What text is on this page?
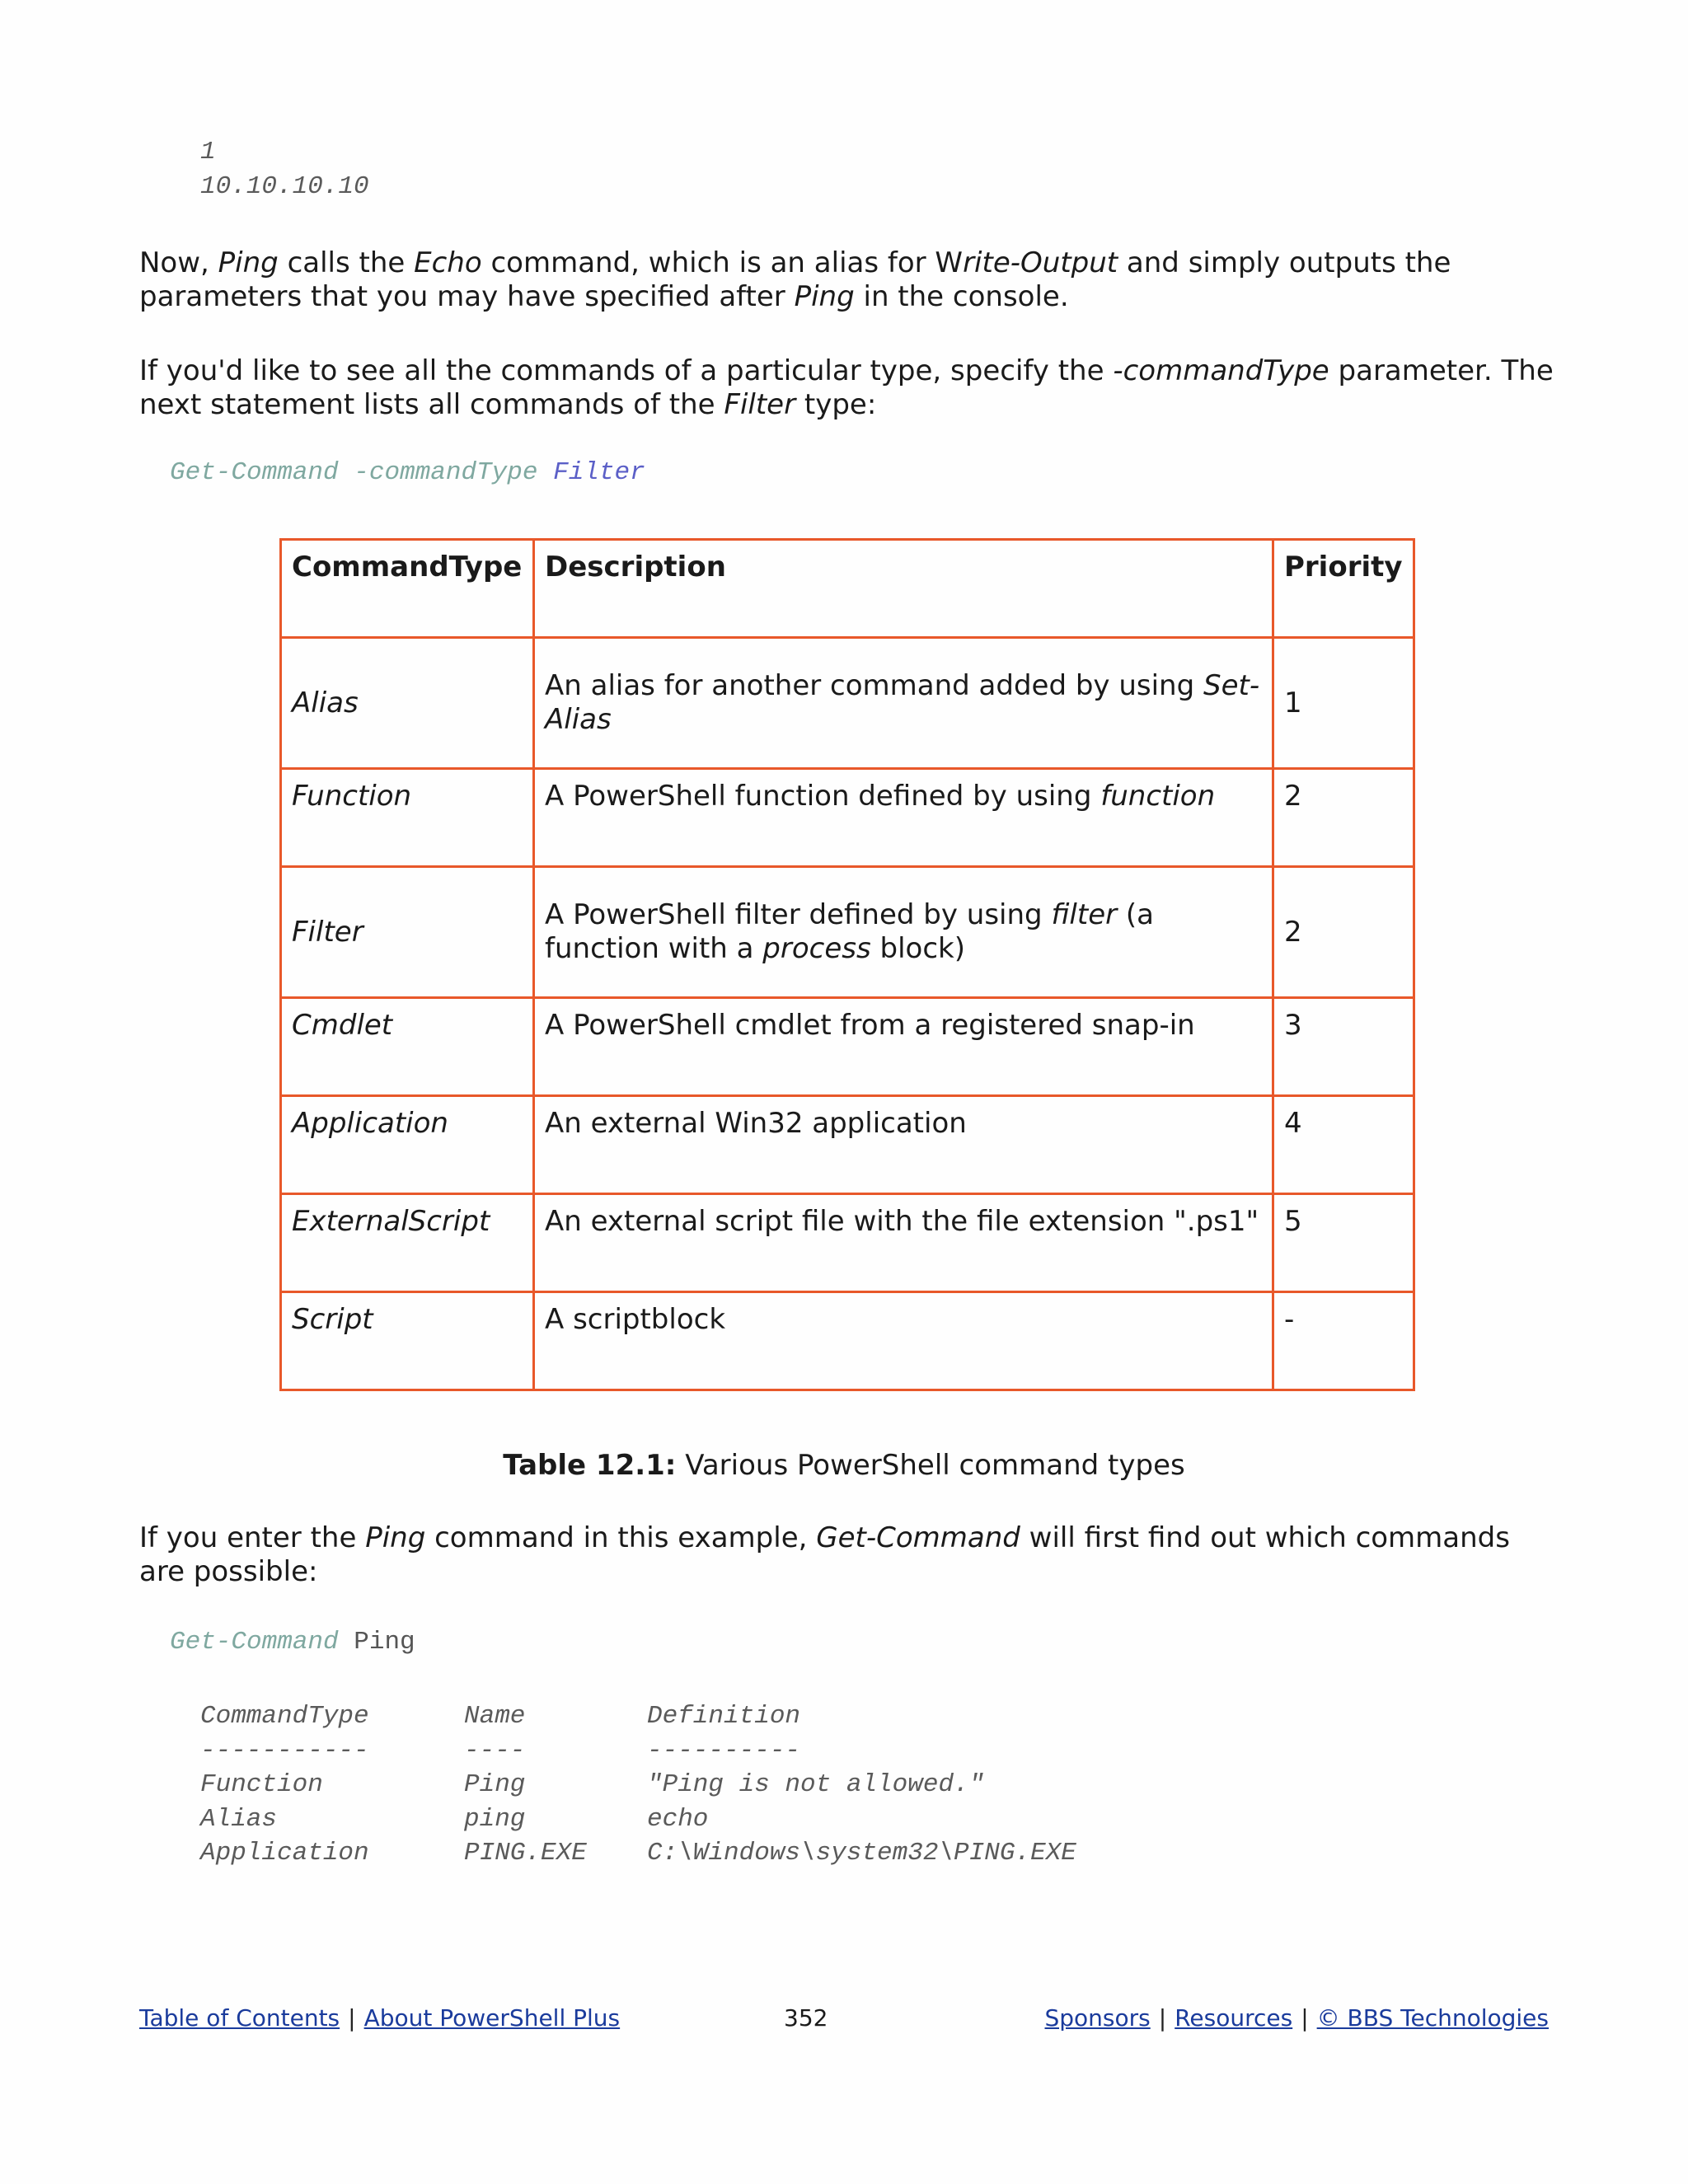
1
10.10.10.10

Now, Ping calls the Echo command, which is an alias for Write-Output and simply outputs the parameters that you may have specified after Ping in the console.

If you'd like to see all the commands of a particular type, specify the -commandType parameter. The next statement lists all commands of the Filter type:

Get-Command -commandType Filter
CommandType	Description	Priority
Alias	An alias for another command added by using Set-Alias	1
Function	A PowerShell function defined by using function	2
Filter	A PowerShell filter defined by using filter (a function with a process block)	2
Cmdlet	A PowerShell cmdlet from a registered snap-in	3
Application	An external Win32 application	4
ExternalScript	An external script file with the file extension ".ps1"	5
Script	A scriptblock	-
Table 12.1: Various PowerShell command types

If you enter the Ping command in this example, Get-Command will first find out which commands are possible:

Get-Command Ping
CommandType	Name	Definition
-----------	----	----------
Function	Ping	"Ping is not allowed."
Alias	ping	echo
Application	PING.EXE	C:\Windows\system32\PING.EXE
Table of Contents | About PowerShell Plus	352	Sponsors | Resources | © BBS Technologies
